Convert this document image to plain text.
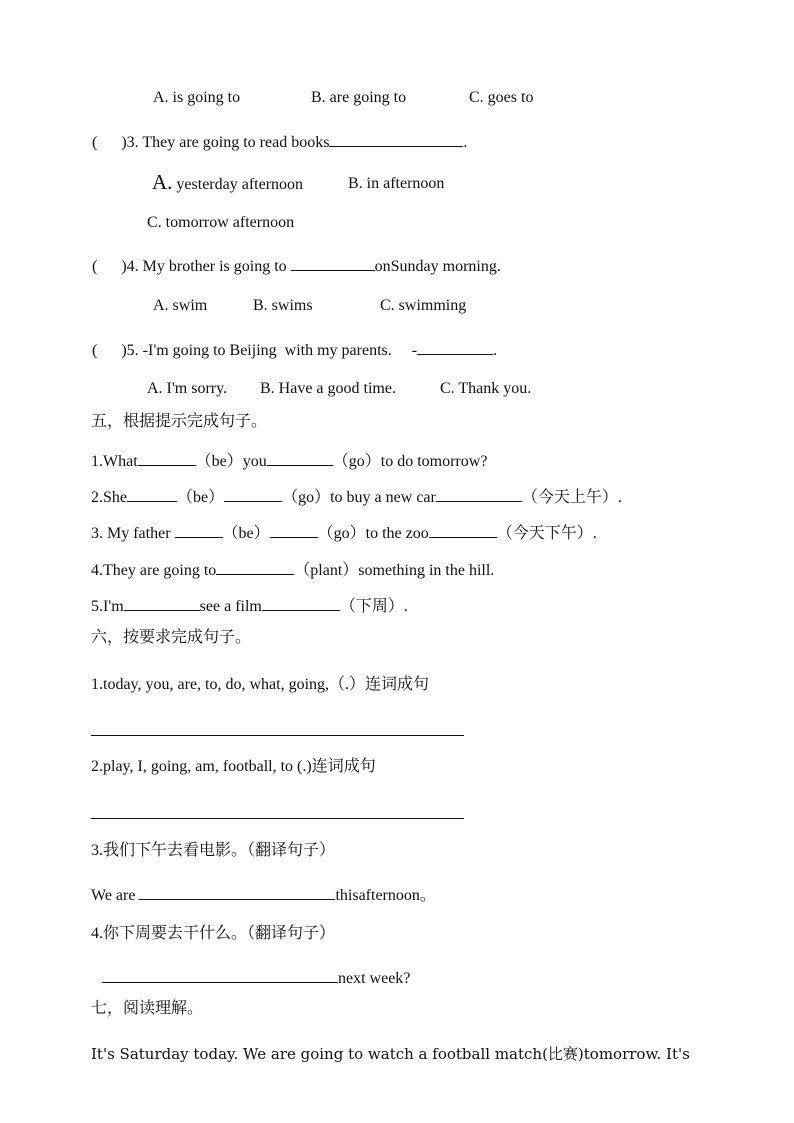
A. is going to	B. are going to	C. goes to
( )3. They are going to read books	.
A. yesterday afternoon	B. in afternoon
C. tomorrow afternoon
( )4. My brother is going to	onSunday morning.
A. swim	B. swims	C. swimming
( )5. -I'm going to Beijing  with my parents. -	.
A. I'm sorry. B. Have a good time.	C. Thank you.
五，根据提示完成句子。
1.What	（be）you	（go）to do tomorrow?
2.She	（be）	（go）to buy a new car	（今天上午）.
3. My father	（be）	（go）to the zoo	（今天下午）.
4.They are going to	（plant）something in the hill.
5.I'm	see a film	（下周）.
六，按要求完成句子。
1.today, you, are, to, do, what, going,（.）连词成句
2.play, I, going, am, football, to (.)连词成句
3.我们下午去看电影。（翻译句子）
We are	thisafternoon。
4.你下周要去干什么。（翻译句子）
next week?
七，阅读理解。
It's Saturday today. We are going to watch a football match(比赛)tomorrow. It's
